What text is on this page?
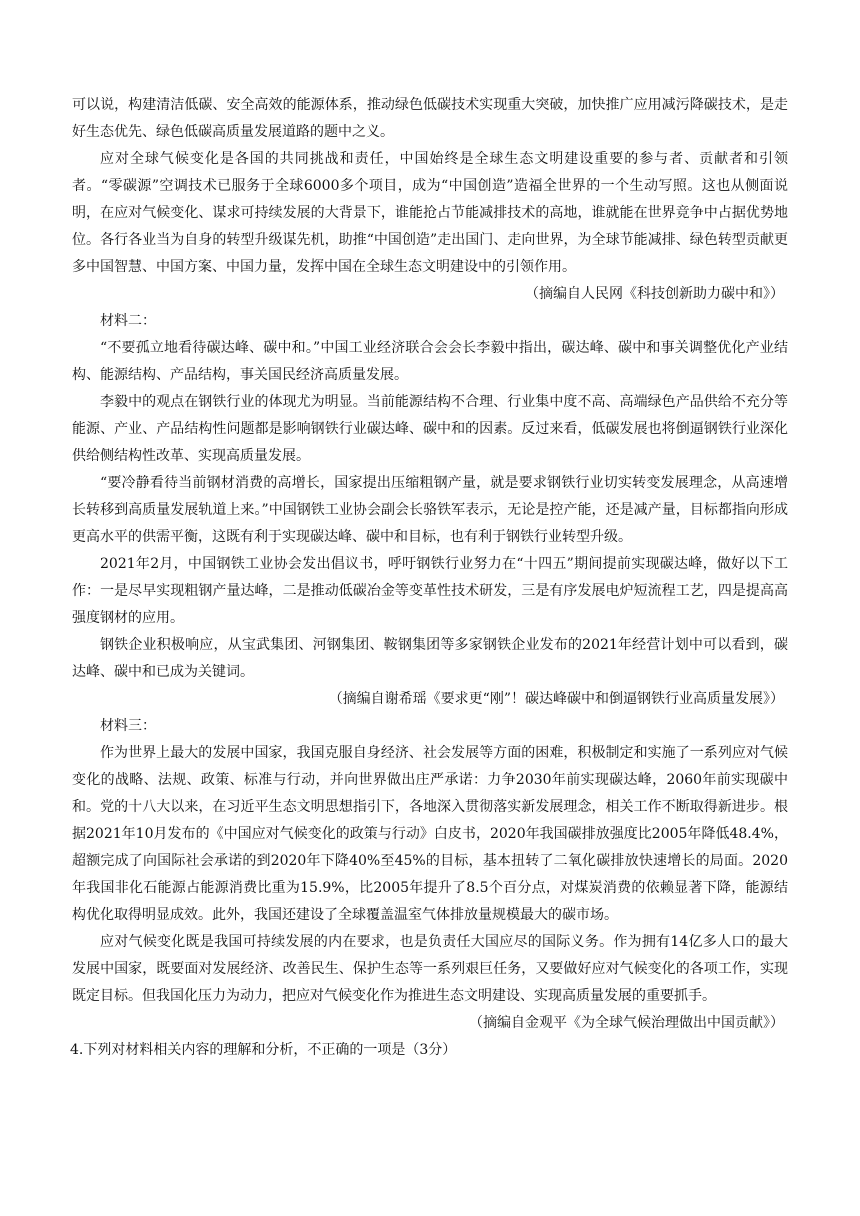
可以说，构建清洁低碳、安全高效的能源体系，推动绿色低碳技术实现重大突破，加快推广应用减污降碳技术，是走好生态优先、绿色低碳高质量发展道路的题中之义。

应对全球气候变化是各国的共同挑战和责任，中国始终是全球生态文明建设重要的参与者、贡献者和引领者。“零碳源”空调技术已服务于全球6000多个项目，成为“中国创造”造福全世界的一个生动写照。这也从侧面说明，在应对气候变化、谋求可持续发展的大背景下，谁能抢占节能减排技术的高地，谁就能在世界竞争中占据优势地位。各行各业当为自身的转型升级谋先机，助推“中国创造”走出国门、走向世界，为全球节能减排、绿色转型贡献更多中国智慧、中国方案、中国力量，发挥中国在全球生态文明建设中的引领作用。

（摘编自人民网《科技创新助力碳中和》）

材料二：

“不要孤立地看待碳达峰、碳中和。”中国工业经济联合会会长李毅中指出，碳达峰、碳中和事关调整优化产业结构、能源结构、产品结构，事关国民经济高质量发展。

李毅中的观点在钢铁行业的体现尤为明显。当前能源结构不合理、行业集中度不高、高端绿色产品供给不充分等能源、产业、产品结构性问题都是影响钢铁行业碳达峰、碳中和的因素。反过来看，低碳发展也将倒逼钢铁行业深化供给侧结构性改革、实现高质量发展。

“要冷静看待当前钢材消费的高增长，国家提出压缩粗钢产量，就是要求钢铁行业切实转变发展理念，从高速增长转移到高质量发展轨道上来。”中国钢铁工业协会副会长骆铁军表示，无论是控产能，还是减产量，目标都指向形成更高水平的供需平衡，这既有利于实现碳达峰、碳中和目标，也有利于钢铁行业转型升级。

2021年2月，中国钢铁工业协会发出倡议书，呼吁钢铁行业努力在“十四五”期间提前实现碳达峰，做好以下工作：一是尽早实现粗钢产量达峰，二是推动低碳冶金等变革性技术研发，三是有序发展电炉短流程工艺，四是提高高强度钢材的应用。

钢铁企业积极响应，从宝武集团、河钢集团、鞍钢集团等多家钢铁企业发布的2021年经营计划中可以看到，碳达峰、碳中和已成为关键词。

（摘编自谢希瑶《要求更“刚”！碳达峰碳中和倒逼钢铁行业高质量发展》）

材料三：

作为世界上最大的发展中国家，我国克服自身经济、社会发展等方面的困难，积极制定和实施了一系列应对气候变化的战略、法规、政策、标准与行动，并向世界做出庄严承诺：力争2030年前实现碳达峰，2060年前实现碳中和。党的十八大以来，在习近平生态文明思想指引下，各地深入贯彻落实新发展理念，相关工作不断取得新进步。根据2021年10月发布的《中国应对气候变化的政策与行动》白皮书，2020年我国碳排放强度比2005年降低48.4%，超额完成了向国际社会承诺的到2020年下降40%至45%的目标，基本扭转了二氧化碳排放快速增长的局面。2020年我国非化石能源占能源消费比重为15.9%，比2005年提升了8.5个百分点，对煤炭消费的依赖显著下降，能源结构优化取得明显成效。此外，我国还建设了全球覆盖温室气体排放量规模最大的碳市场。

应对气候变化既是我国可持续发展的内在要求，也是负责任大国应尽的国际义务。作为拥有14亿多人口的最大发展中国家，既要面对发展经济、改善民生、保护生态等一系列艰巨任务，又要做好应对气候变化的各项工作，实现既定目标。但我国化压力为动力，把应对气候变化作为推进生态文明建设、实现高质量发展的重要抓手。

（摘编自金观平《为全球气候治理做出中国贡献》）

4.下列对材料相关内容的理解和分析，不正确的一项是（3分）
